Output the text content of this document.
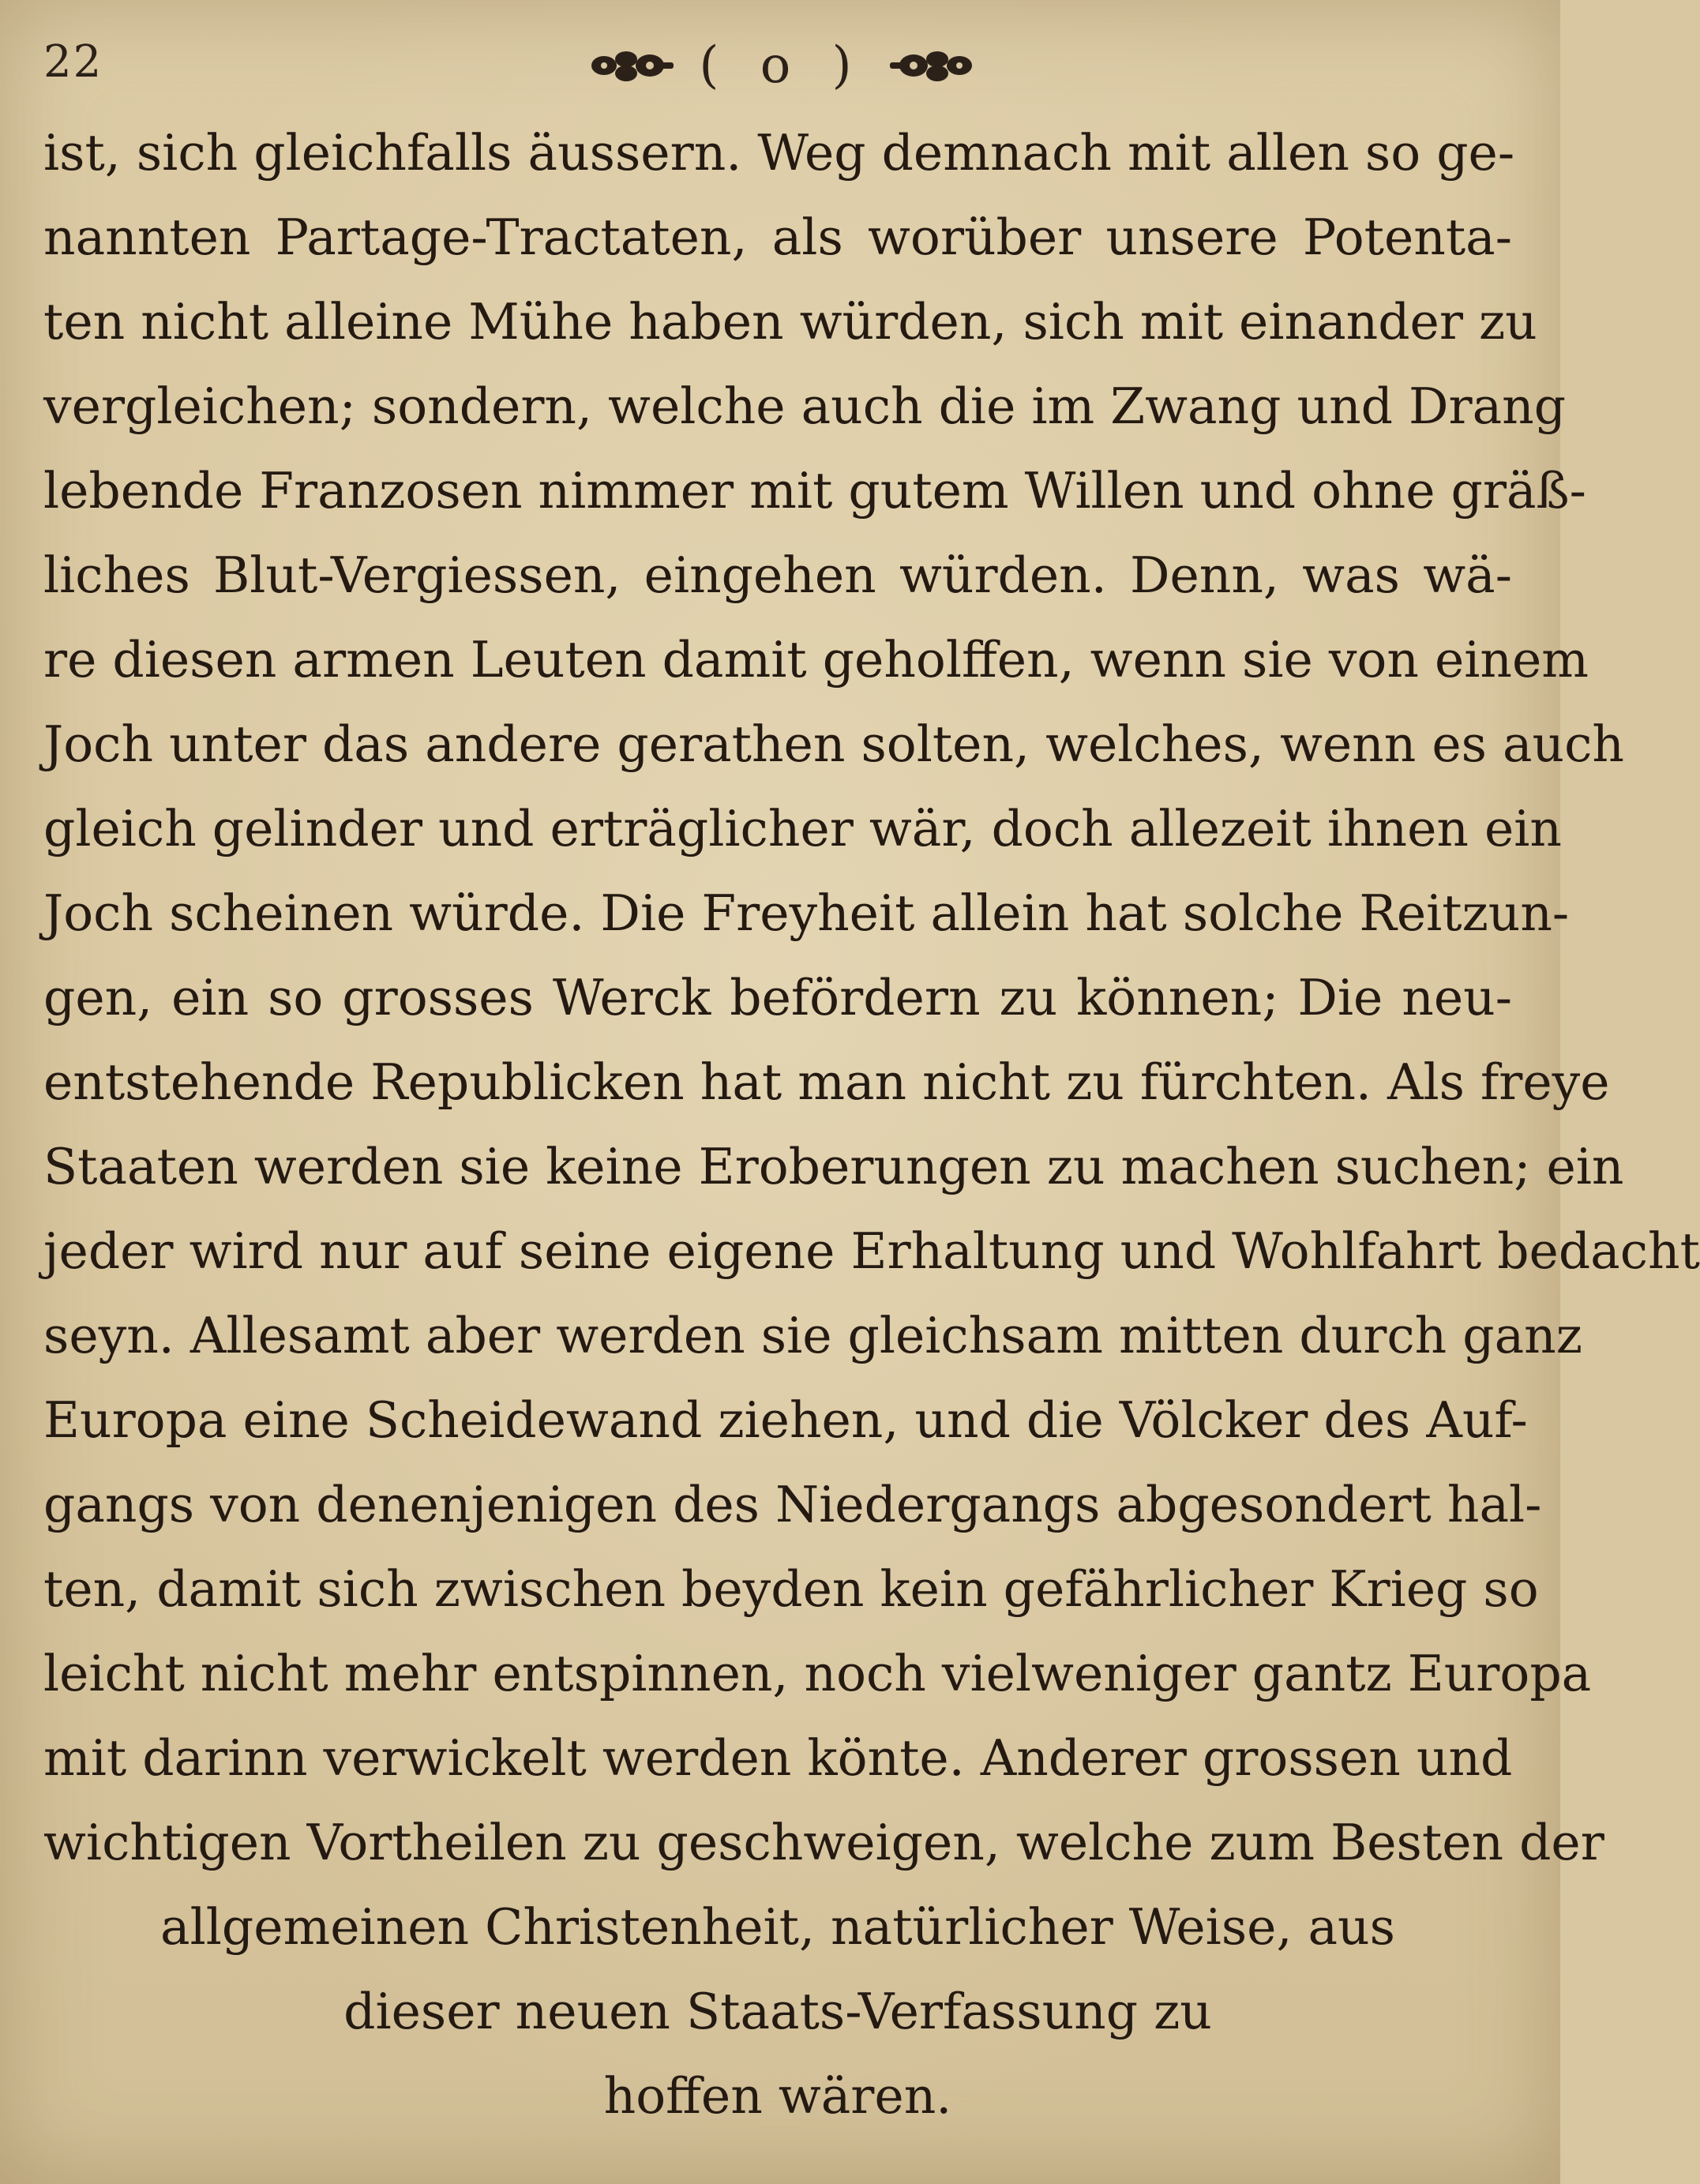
22	( o )
ist, sich gleichfalls äussern. Weg demnach mit allen so ge-
nannten Partage-Tractaten, als worüber unsere Potenta-
ten nicht alleine Mühe haben würden, sich mit einander zu
vergleichen; sondern, welche auch die im Zwang und Drang
lebende Franzosen nimmer mit gutem Willen und ohne gräß-
liches Blut-Vergiessen, eingehen würden. Denn, was wä-
re diesen armen Leuten damit geholffen, wenn sie von einem
Joch unter das andere gerathen solten, welches, wenn es auch
gleich gelinder und erträglicher wär, doch allezeit ihnen ein
Joch scheinen würde. Die Freyheit allein hat solche Reitzun-
gen, ein so grosses Werck befördern zu können; Die neu-
entstehende Republicken hat man nicht zu fürchten. Als freye
Staaten werden sie keine Eroberungen zu machen suchen; ein
jeder wird nur auf seine eigene Erhaltung und Wohlfahrt bedacht
seyn. Allesamt aber werden sie gleichsam mitten durch ganz
Europa eine Scheidewand ziehen, und die Völcker des Auf-
gangs von denenjenigen des Niedergangs abgesondert hal-
ten, damit sich zwischen beyden kein gefährlicher Krieg so
leicht nicht mehr entspinnen, noch vielweniger gantz Europa
mit darinn verwickelt werden könte. Anderer grossen und
wichtigen Vortheilen zu geschweigen, welche zum Besten der
allgemeinen Christenheit, natürlicher Weise, aus
dieser neuen Staats-Verfassung zu
hoffen wären.
